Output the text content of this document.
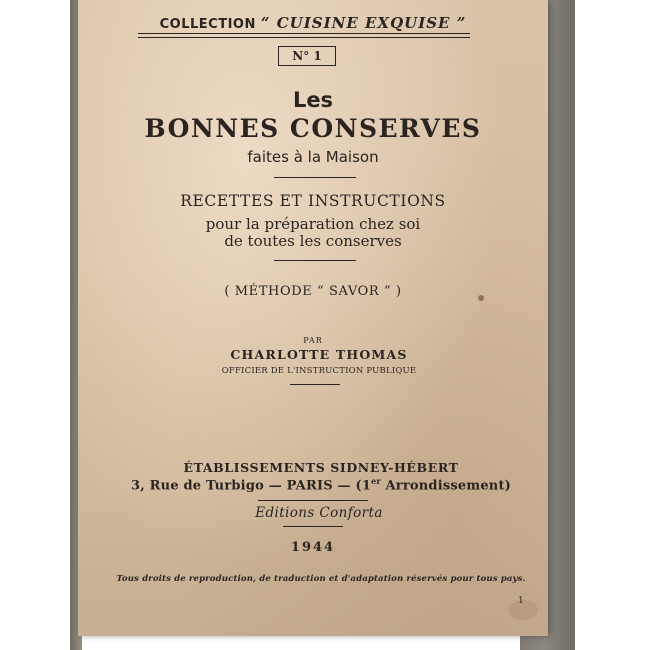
COLLECTION “ CUISINE EXQUISE ”
N° 1
Les
BONNES CONSERVES
faites à la Maison
RECETTES ET INSTRUCTIONS
pour la préparation chez soi
de toutes les conserves
( MÉTHODE “ SAVOR ” )
PAR
CHARLOTTE THOMAS
OFFICIER DE L'INSTRUCTION PUBLIQUE
ÉTABLISSEMENTS SIDNEY-HÉBERT
3, Rue de Turbigo — PARIS — (1er Arrondissement)
Editions Conforta
1944
Tous droits de reproduction, de traduction et d'adaptation réservés pour tous pays.
1
